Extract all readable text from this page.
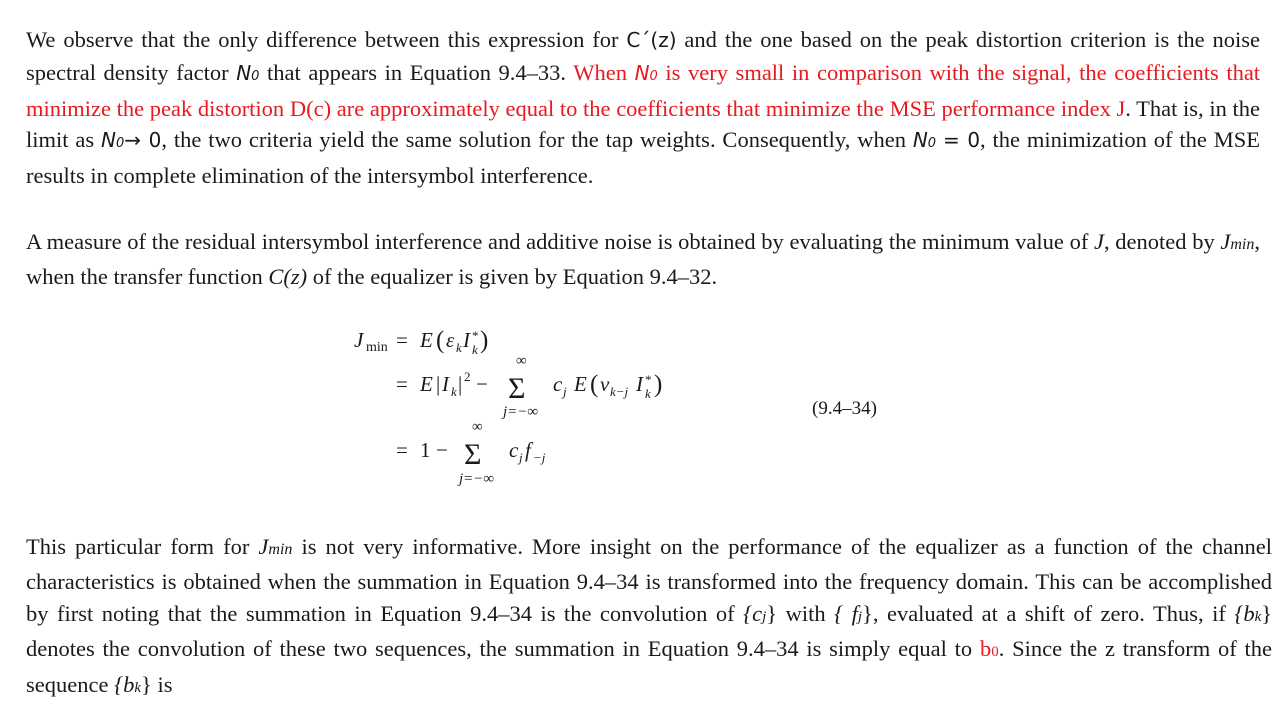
We observe that the only difference between this expression for C´(z) and the one based on the peak distortion criterion is the noise spectral density factor N0 that appears in Equation 9.4–33. When N0 is very small in comparison with the signal, the coefficients that minimize the peak distortion D(c) are approximately equal to the coefficients that minimize the MSE performance index J. That is, in the limit as N0→ 0, the two criteria yield the same solution for the tap weights. Consequently, when N0 = 0, the minimization of the MSE results in complete elimination of the intersymbol interference.
A measure of the residual intersymbol interference and additive noise is obtained by evaluating the minimum value of J, denoted by Jmin, when the transfer function C(z) of the equalizer is given by Equation 9.4–32.
J min = E ( ε k I *
k )
= E | I k | 2 −
∞
Σ
j=−∞
c j E ( v k−j I *
k )
(9.4–34)
= 1 −
∞
Σ
j=−∞
c j f −j
This particular form for Jmin is not very informative. More insight on the performance of the equalizer as a function of the channel characteristics is obtained when the summation in Equation 9.4–34 is transformed into the frequency domain. This can be accomplished by first noting that the summation in Equation 9.4–34 is the convolution of {cj} with { fj}, evaluated at a shift of zero. Thus, if {bk} denotes the convolution of these two sequences, the summation in Equation 9.4–34 is simply equal to b0. Since the z transform of the sequence {bk} is
